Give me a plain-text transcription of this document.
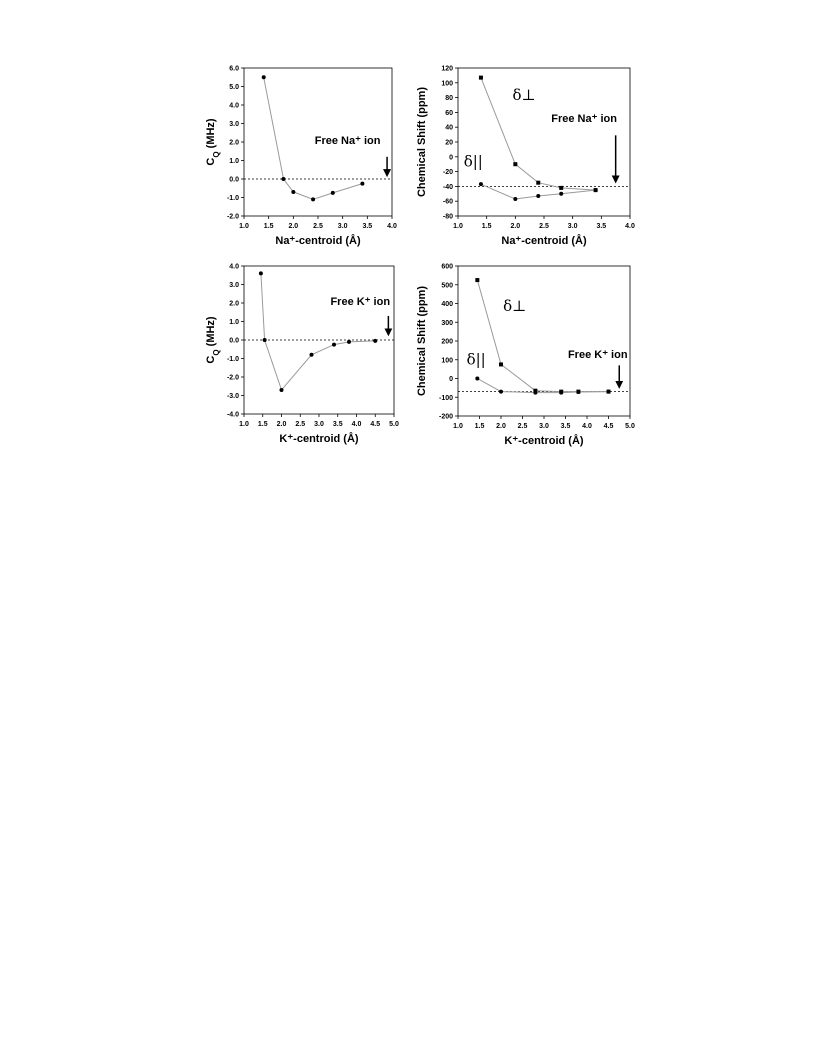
-2.0
-1.0
0.0
1.0
2.0
3.0
4.0
5.0
6.0
1.0 1.5 2.0 2.5 3.0 3.5 4.0
Na⁺-centroid (Å)
$C_Q$ (MHz)	Free Na⁺ ion
-80
-60
-40
-20
0
20
40
60
80
100
120
1.0	1.5	2.0	2.5	3.0	3.5	4.0
Na⁺-centroid (Å)
Chemical Shift (ppm)	δ⊥
δ||
Free Na⁺ ion
-4.0
-3.0
-2.0
-1.0
0.0
1.0
2.0
3.0
4.0
1.0 1.5 2.0 2.5 3.0 3.5 4.0 4.5 5.0
K⁺-centroid (Å)
$C_Q$ (MHz)
Free K⁺ ion
-200
-100
0
100
200
300
400
500
600
1.0 1.5 2.0 2.5 3.0 3.5 4.0 4.5 5.0
K⁺-centroid (Å)
Chemical Shift (ppm)	δ⊥
δ||	Free K⁺ ion
